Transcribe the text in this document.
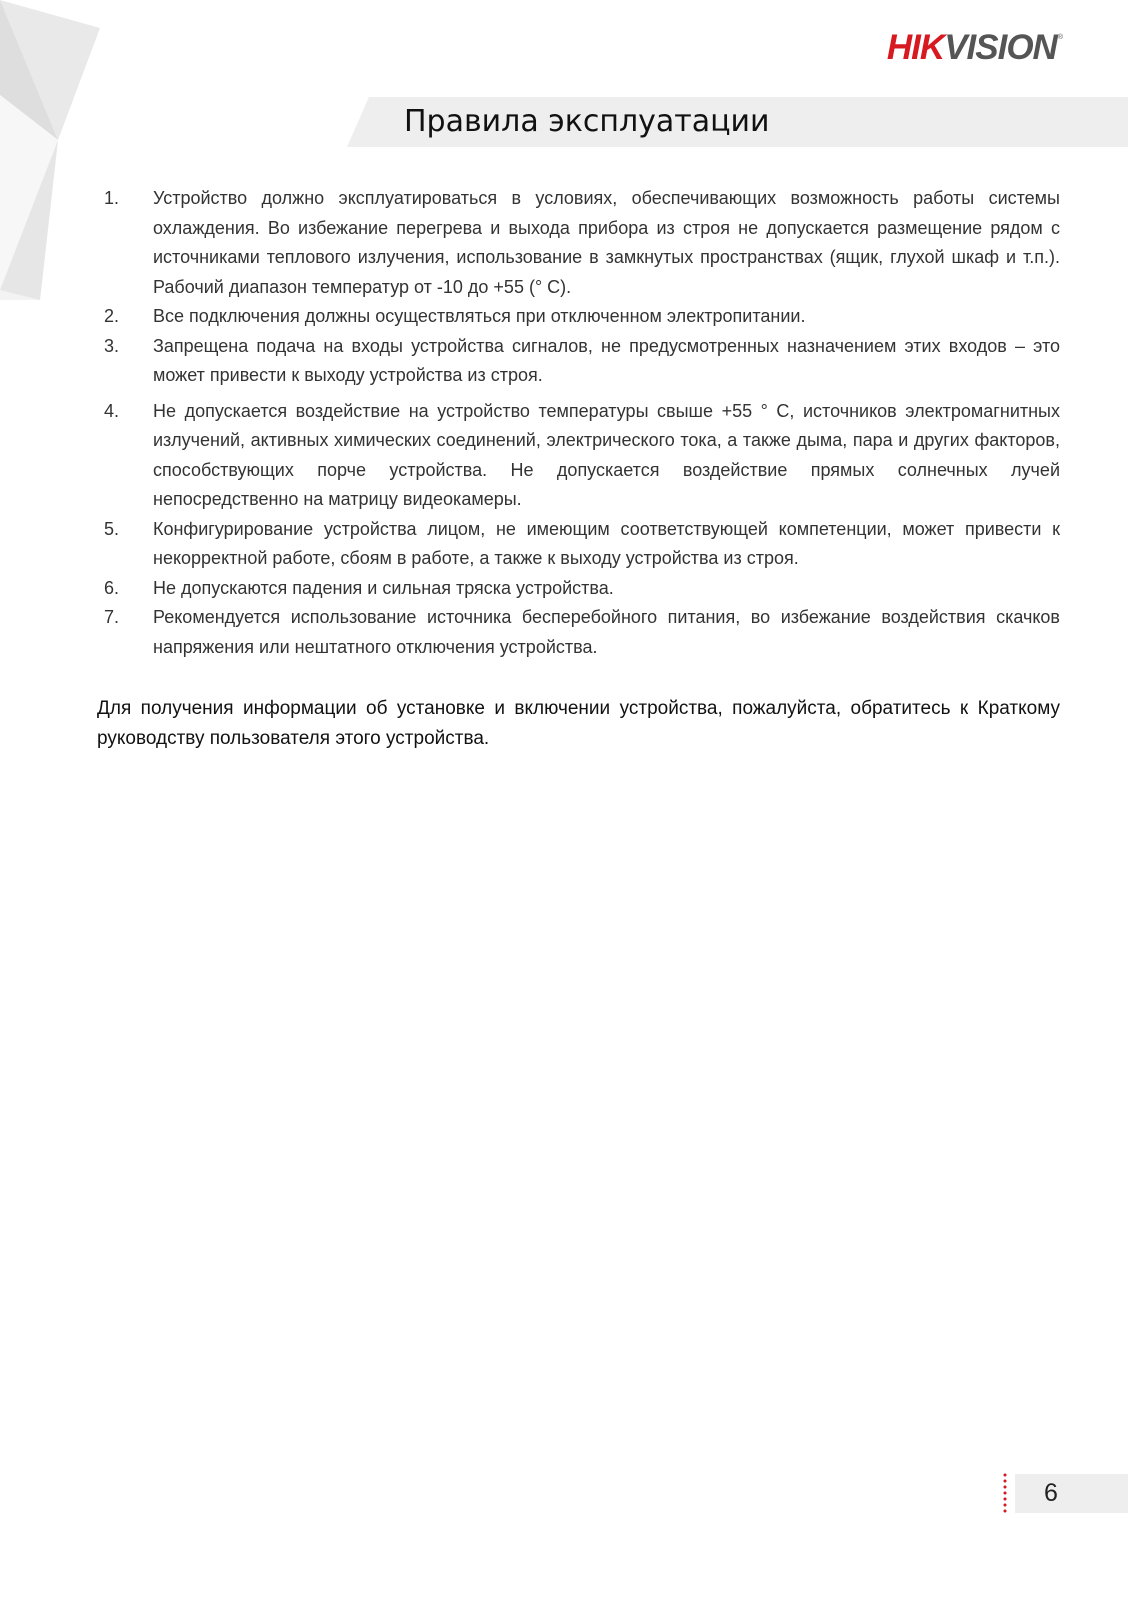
HIKVISION®
Правила эксплуатации
1.	Устройство должно эксплуатироваться в условиях, обеспечивающих возможность работы системы охлаждения. Во избежание перегрева и выхода прибора из строя не допускается размещение рядом с источниками теплового излучения, использование в замкнутых пространствах (ящик, глухой шкаф и т.п.). Рабочий диапазон температур от -10 до +55 (° С).
2.	Все подключения должны осуществляться при отключенном электропитании.
3.	Запрещена подача на входы устройства сигналов, не предусмотренных назначением этих входов – это может привести к выходу устройства из строя.
4.	Не допускается воздействие на устройство температуры свыше +55 ° С, источников электромагнитных излучений, активных химических соединений, электрического тока, а также дыма, пара и других факторов, способствующих порче устройства. Не допускается воздействие прямых солнечных лучей непосредственно на матрицу видеокамеры.
5.	Конфигурирование устройства лицом, не имеющим соответствующей компетенции, может привести к некорректной работе, сбоям в работе, а также к выходу устройства из строя.
6.	Не допускаются падения и сильная тряска устройства.
7.	Рекомендуется использование источника бесперебойного питания, во избежание воздействия скачков напряжения или нештатного отключения устройства.

Для получения информации об установке и включении устройства, пожалуйста, обратитесь к Краткому руководству пользователя этого устройства.

6
